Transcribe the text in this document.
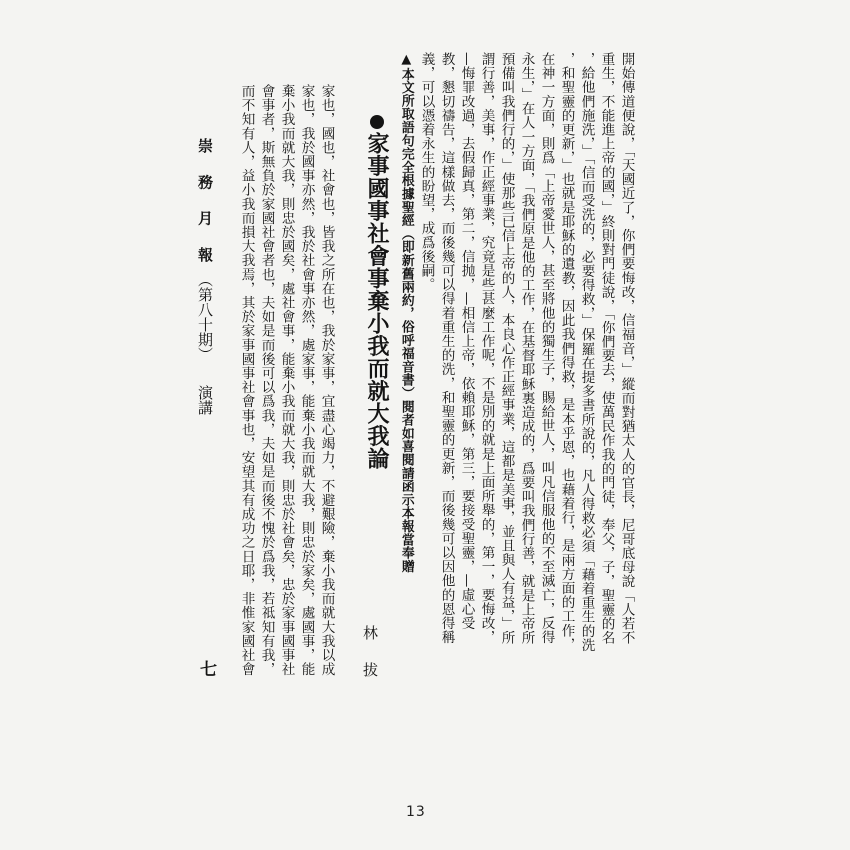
開始傳道便說，「天國近了，你們要悔改，信福音，」縱而對猶太人的官長，尼哥底母說「人若不
重生，不能進上帝的國，」終則對門徒說，「你們要去，使萬民作我的門徒，奉父，子，聖靈的名
，給他們施洗，」「信而受洗的，必要得救，」保羅在提多書所說的，凡人得救必須「藉着重生的洗
，和聖靈的更新，」也就是耶穌的遺教，因此我們得救，是本乎恩，也藉着行，是兩方面的工作，
在神一方面，則爲「上帝愛世人，甚至將他的獨生子，賜給世人，叫凡信服他的不至滅亡，反得
永生，」在人一方面，「我們原是他的工作，在基督耶穌裏造成的，爲要叫我們行善，就是上帝所
預備叫我們行的，」使那些已信上帝的人，本良心作正經事業，這都是美事，並且與人有益，」所
謂行善，美事，作正經事業，究竟是些甚麼工作呢，不是別的就是上面所舉的，第一，要悔改，
—悔罪改過，去假歸真，第二，信抛，—相信上帝，依賴耶穌，第三，要接受聖靈，—虛心受
教，懇切禱告，這樣做去，而後幾可以得着重生的洗，和聖靈的更新，而後幾可以因他的恩得稱
義，可以憑着永生的盼望，成爲後嗣。
▲本文所取語句完全根據聖經（即新舊兩約，俗呼福音書）閱者如喜閱請函示本報當奉贈
家事國事社會事棄小我而就大我論
林拔
家也，國也，社會也，皆我之所在也，我於家事，宜盡心竭力，不避艱險，棄小我而就大我以成
家也，我於國事亦然，我於社會事亦然，處家事，能棄小我而就大我，則忠於家矣，處國事，能
棄小我而就大我，則忠於國矣，處社會事，能棄小我而就大我，則忠於社會矣，忠於家事國事社
會事者，斯無負於家國社會者也，夫如是而後可以爲我，夫如是而後不愧於爲我，若祗知有我，
而不知有人，益小我而損大我焉，其於家事國事社會事也，安望其有成功之日耶，非惟家國社會
崇 務 月 報
（第八十期）
演講
七
13
